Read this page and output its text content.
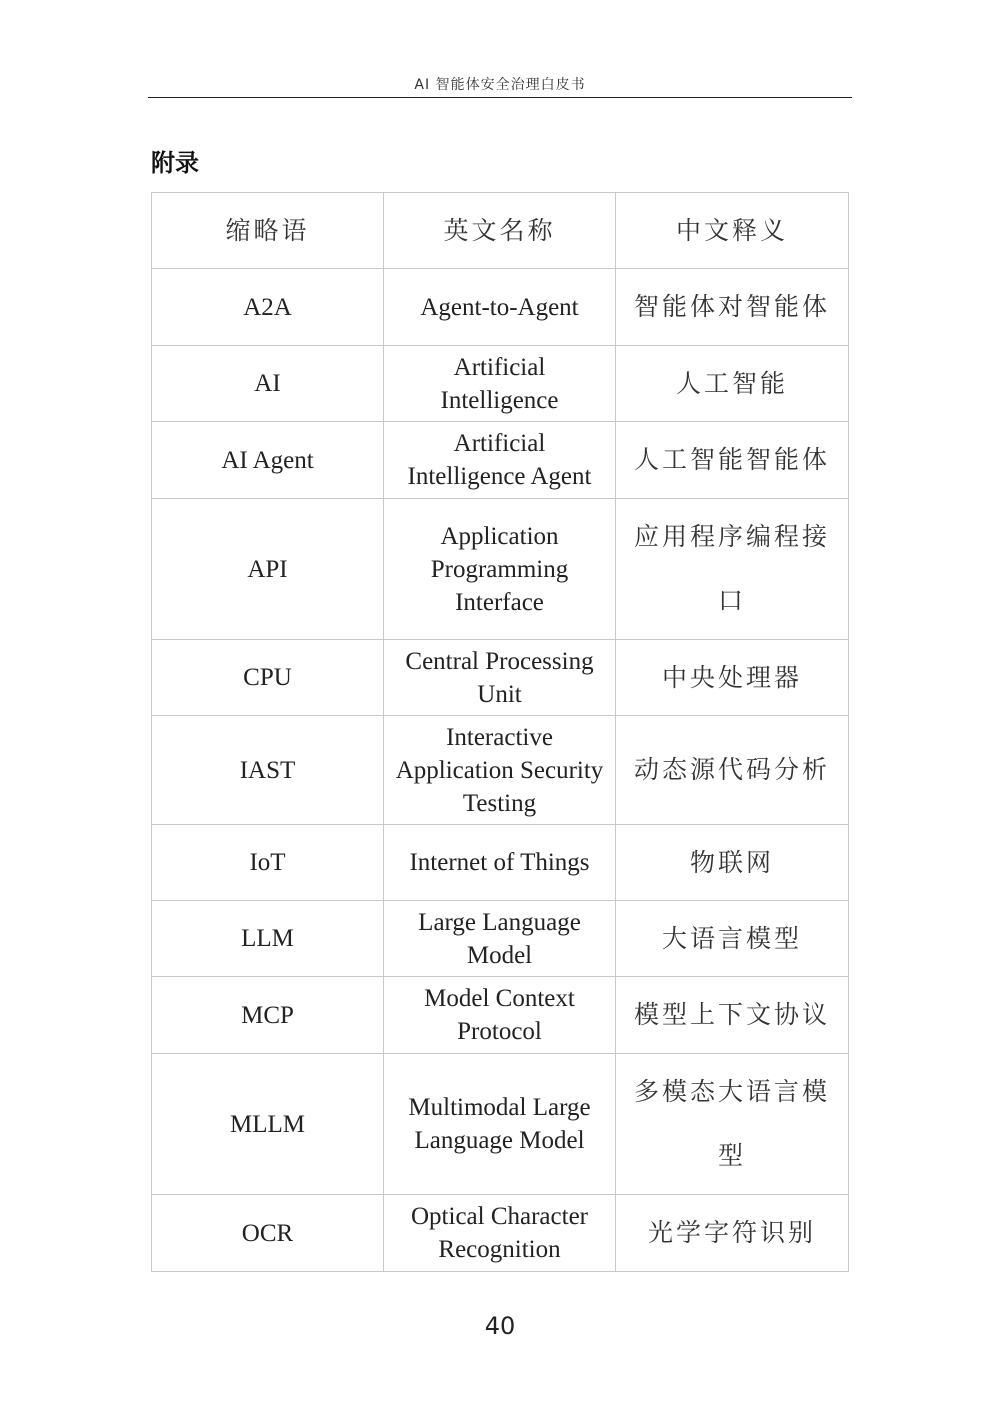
AI 智能体安全治理白皮书
附录
缩略语	英文名称	中文释义
A2A	Agent-to-Agent	智能体对智能体
AI	Artificial Intelligence	人工智能
AI Agent	Artificial Intelligence Agent	人工智能智能体
API	Application Programming Interface	应用程序编程接口
CPU	Central Processing Unit	中央处理器
IAST	Interactive Application Security Testing	动态源代码分析
IoT	Internet of Things	物联网
LLM	Large Language Model	大语言模型
MCP	Model Context Protocol	模型上下文协议
MLLM	Multimodal Large Language Model	多模态大语言模型
OCR	Optical Character Recognition	光学字符识别
40
